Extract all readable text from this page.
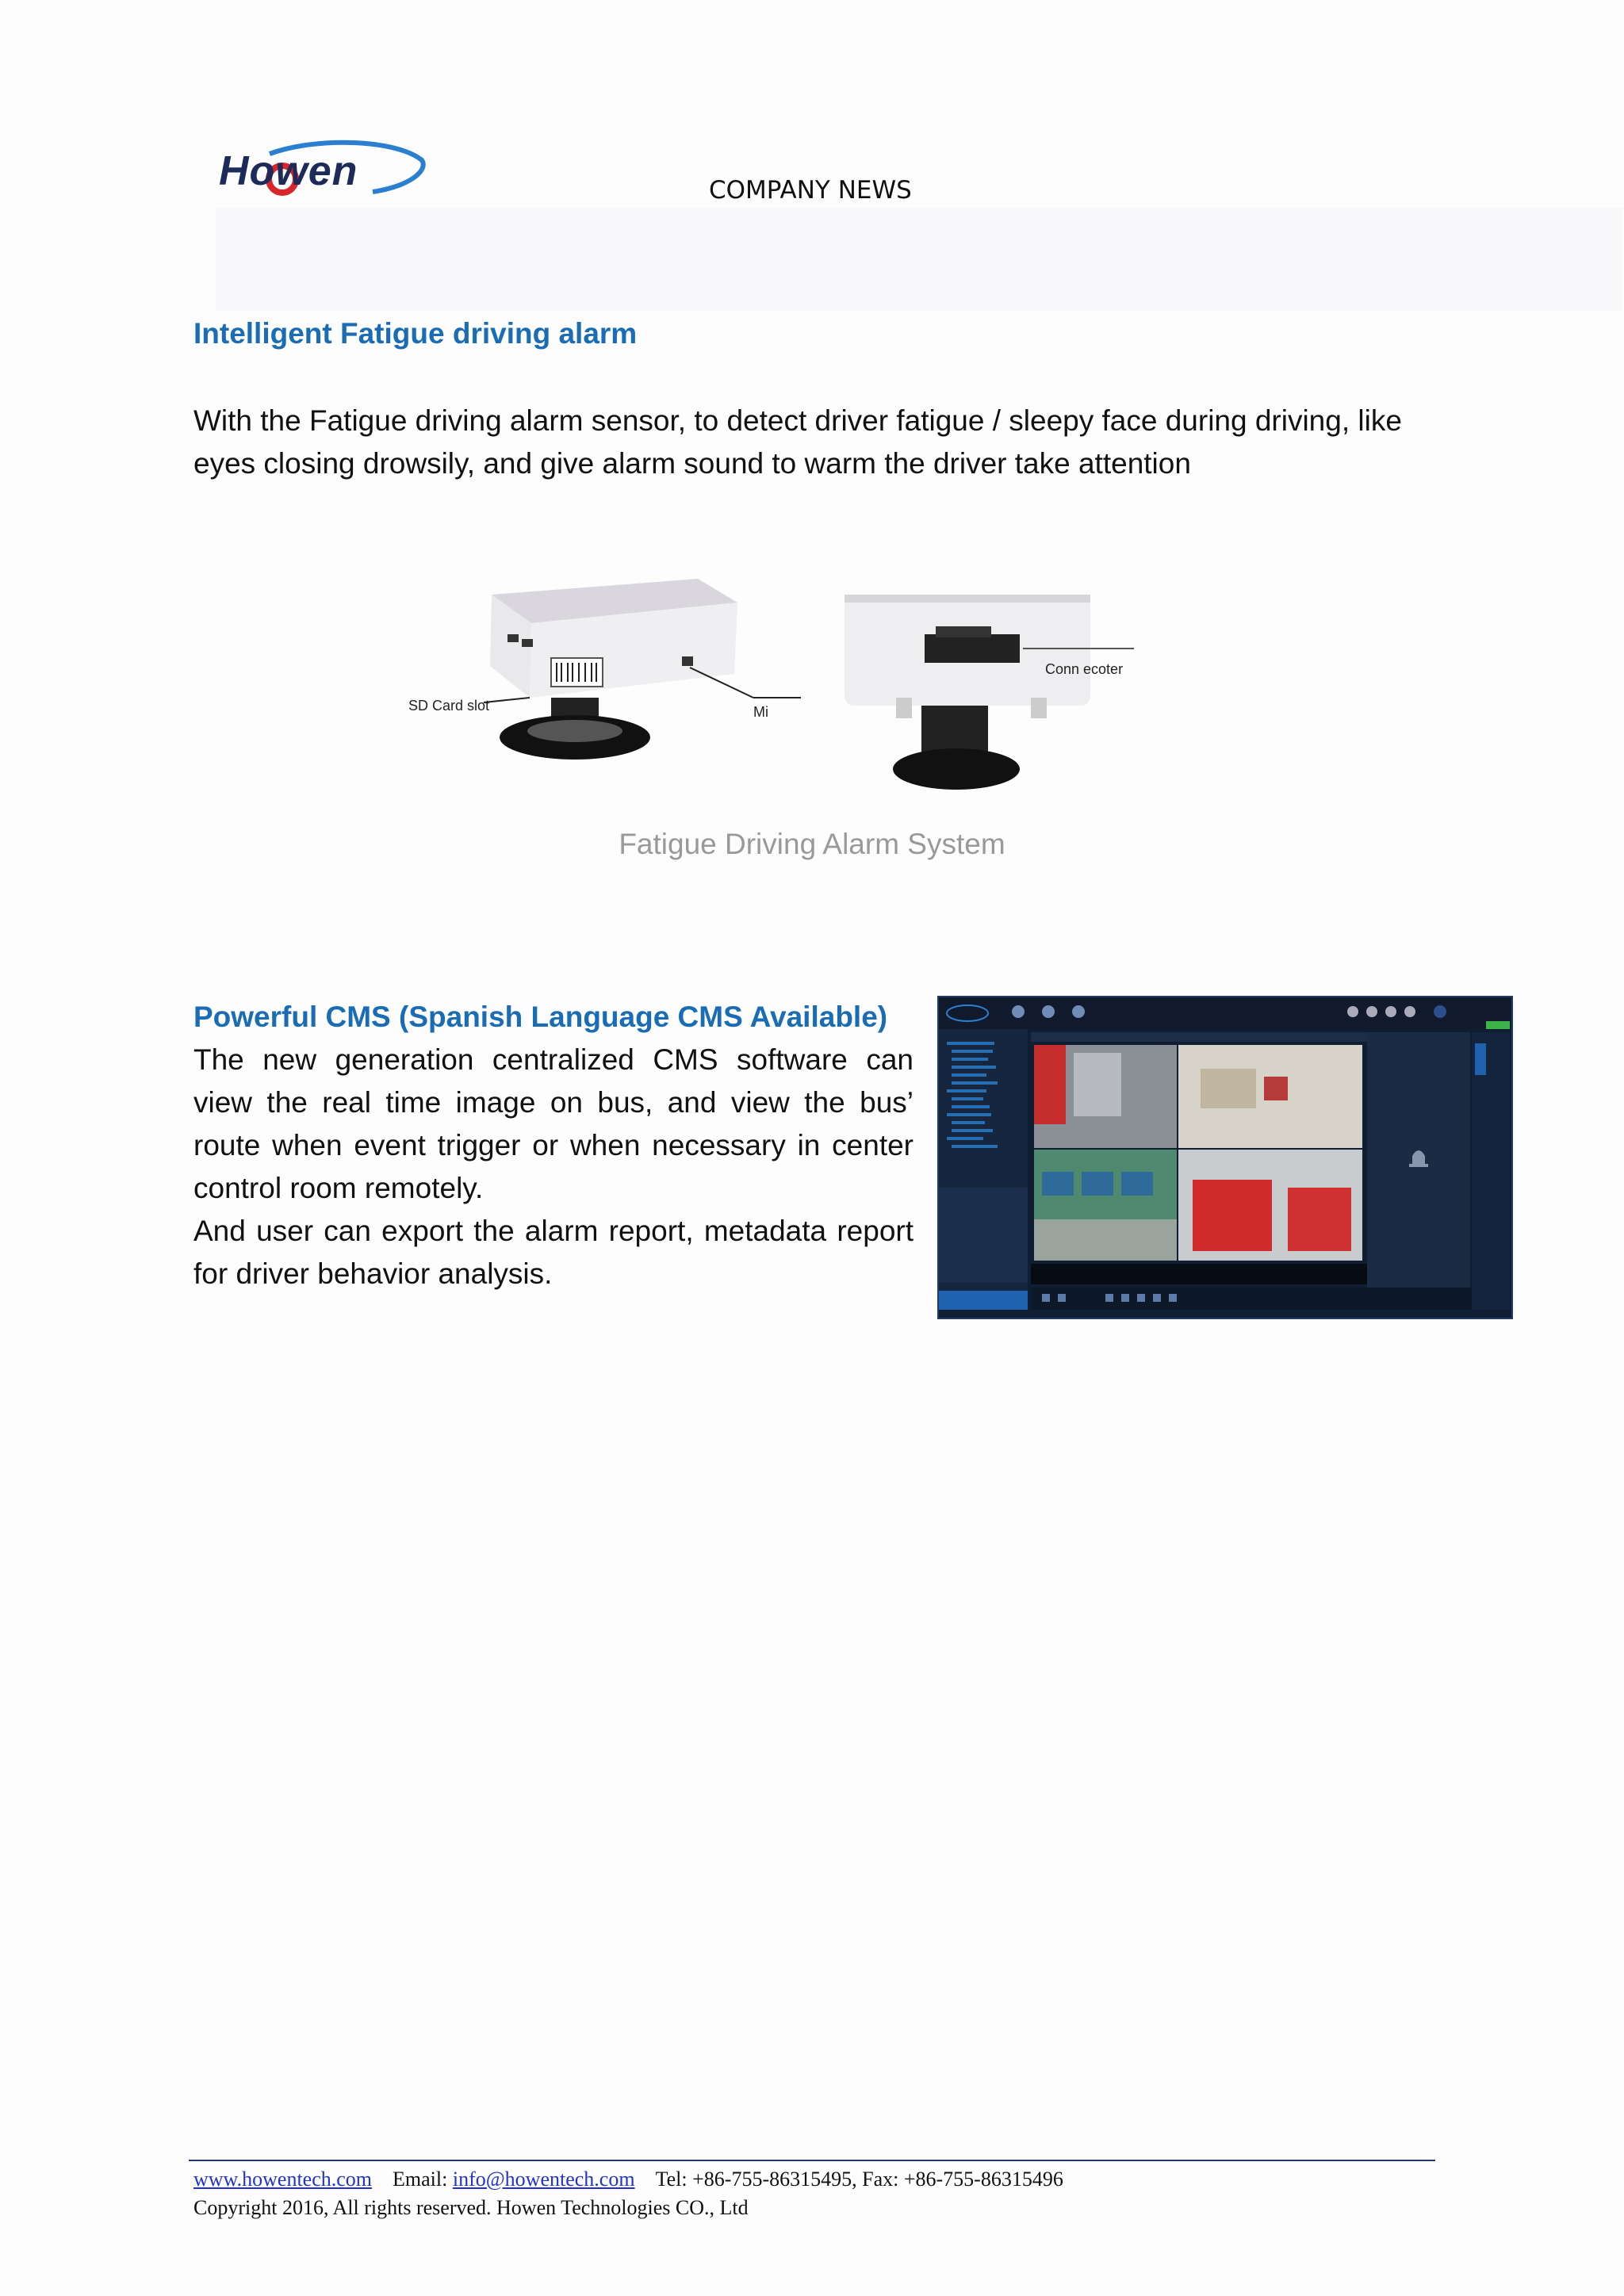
Howen	COMPANY NEWS
Intelligent Fatigue driving alarm
With the Fatigue driving alarm sensor, to detect driver fatigue / sleepy face during driving, like eyes closing drowsily, and give alarm sound to warm the driver take attention
SD Card slot	Mi
Conn ecoter
Fatigue Driving Alarm System
Powerful CMS (Spanish Language CMS Available)

The new generation centralized CMS software can view the real time image on bus, and view the bus’ route when event trigger or when necessary in center control room remotely.

And user can export the alarm report, metadata report for driver behavior analysis.

www.howentech.com Email: info@howentech.com Tel: +86-755-86315495, Fax: +86-755-86315496
Copyright 2016, All rights reserved. Howen Technologies CO., Ltd
